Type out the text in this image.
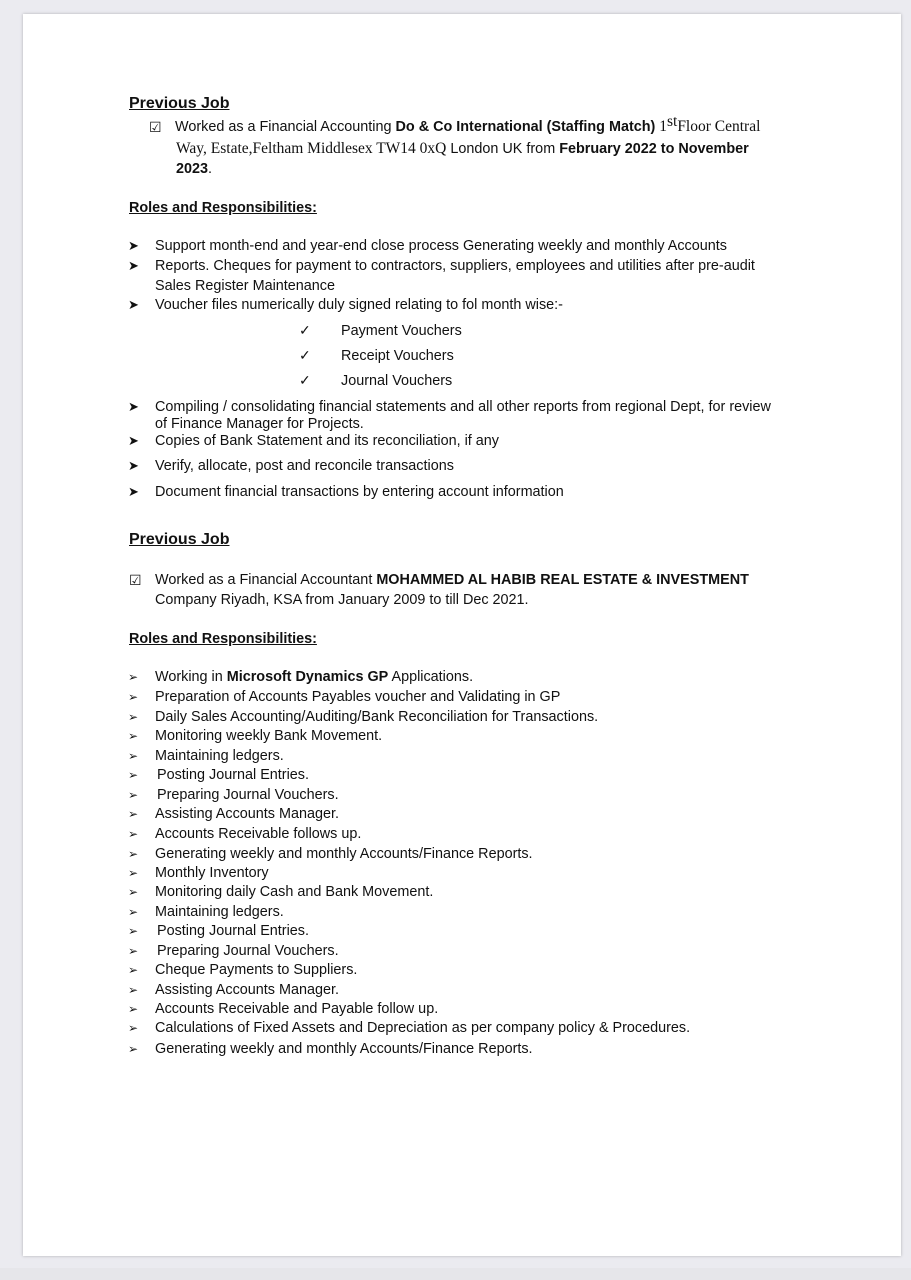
Previous Job
☑ Worked as a Financial Accounting Do & Co International (Staffing Match) 1stFloor Central
Way, Estate,Feltham Middlesex TW14 0xQ London UK from February 2022 to November
2023.
Roles and Responsibilities:
➤ Support month-end and year-end close process Generating weekly and monthly Accounts
➤ Reports. Cheques for payment to contractors, suppliers, employees and utilities after pre-audit
Sales Register Maintenance
➤ Voucher files numerically duly signed relating to fol month wise:-
✓ Payment Vouchers
✓ Receipt Vouchers
✓ Journal Vouchers
➤ Compiling / consolidating financial statements and all other reports from regional Dept, for review
of Finance Manager for Projects.
➤ Copies of Bank Statement and its reconciliation, if any
➤ Verify, allocate, post and reconcile transactions
➤ Document financial transactions by entering account information
Previous Job
☑ Worked as a Financial Accountant MOHAMMED AL HABIB REAL ESTATE & INVESTMENT
Company Riyadh, KSA from January 2009 to till Dec 2021.
Roles and Responsibilities:
➢ Working in Microsoft Dynamics GP Applications.
➢ Preparation of Accounts Payables voucher and Validating in GP
➢ Daily Sales Accounting/Auditing/Bank Reconciliation for Transactions.
➢ Monitoring weekly Bank Movement.
➢ Maintaining ledgers.
➢ Posting Journal Entries.
➢ Preparing Journal Vouchers.
➢ Assisting Accounts Manager.
➢ Accounts Receivable follows up.
➢ Generating weekly and monthly Accounts/Finance Reports.
➢ Monthly Inventory
➢ Monitoring daily Cash and Bank Movement.
➢ Maintaining ledgers.
➢ Posting Journal Entries.
➢ Preparing Journal Vouchers.
➢ Cheque Payments to Suppliers.
➢ Assisting Accounts Manager.
➢ Accounts Receivable and Payable follow up.
➢ Calculations of Fixed Assets and Depreciation as per company policy & Procedures.
➢ Generating weekly and monthly Accounts/Finance Reports.
